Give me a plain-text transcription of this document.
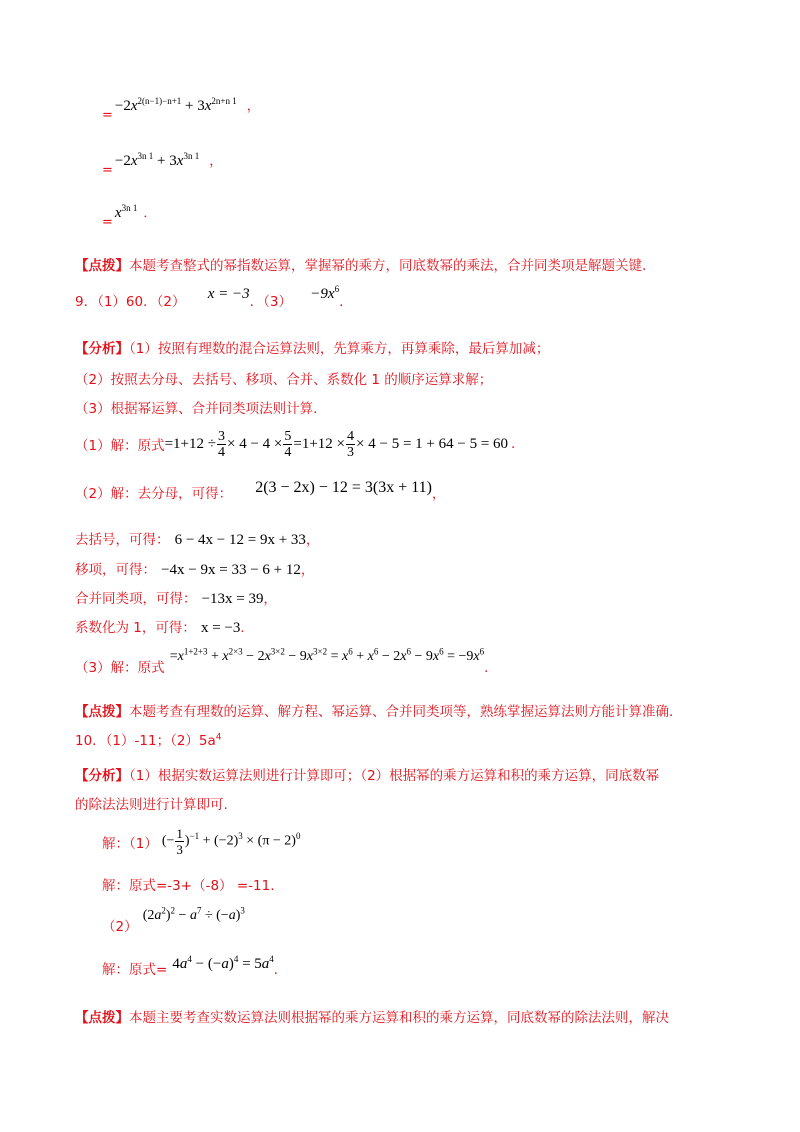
$_=-2x^{2(n-1)-n+1} + 3x^{2n+n 1}$ ，
$_=-2x^{3n 1} + 3x^{3n 1}$ ，
$_=x^{3n 1}$ ．
【点拨】本题考查整式的幂指数运算，掌握幂的乘方，同底数幂的乘法，合并同类项是解题关键.
9．（1）60．（2） x = −3．$(3) -9x^6$.
【分析】（1）按照有理数的混合运算法则，先算乘方，再算乘除，最后算加减；
（2）按照去分母、去括号、移项、合并、系数化 1 的顺序运算求解；
（3）根据幂运算、合并同类项法则计算.
（1）解：原式 $=1+12 \div \frac{3}{4} \times 4 - 4 \times \frac{5}{4} =1+12 \times \frac{4}{3} \times 4 - 5 = 1 + 64 - 5 = 60$ .
（2）解：去分母，可得： 2(3 − 2x) − 12 = 3(3x + 11)，
去括号，可得： 6 − 4x − 12 = 9x + 33，
移项，可得： −4x − 9x = 33 − 6 + 12，
合并同类项，可得： −13x = 39，
系数化为 1，可得： x = −3.
$_{(3)解:原式} =x^{1+2+3} + x^{2\times 3} - 2x^{3\times 2} - 9x^{3\times 2} = x^6 + x^6 - 2x^6 - 9x^6 = -9x^6_.$
【点拨】本题考查有理数的运算、解方程、幂运算、合并同类项等，熟练掌握运算法则方能计算准确.
10．（1）-11；$(2)5a^4$
【分析】（1）根据实数运算法则进行计算即可；（2）根据幂的乘方运算和积的乘方运算，同底数幂
的除法法则进行计算即可.
解：（1） (− $\frac{1}{3} )^{-1} + (-2)^3 \times (\pi - 2)^0$
解：原式=-3+（-8） =-11.
$_{(2)}$ $(2a^2)^2 - a^7 \div (-a)^3$
解：原式= $4a^4 - (-a)^4 = 5a^4$.
【点拨】本题主要考查实数运算法则根据幂的乘方运算和积的乘方运算，同底数幂的除法法则，解决
